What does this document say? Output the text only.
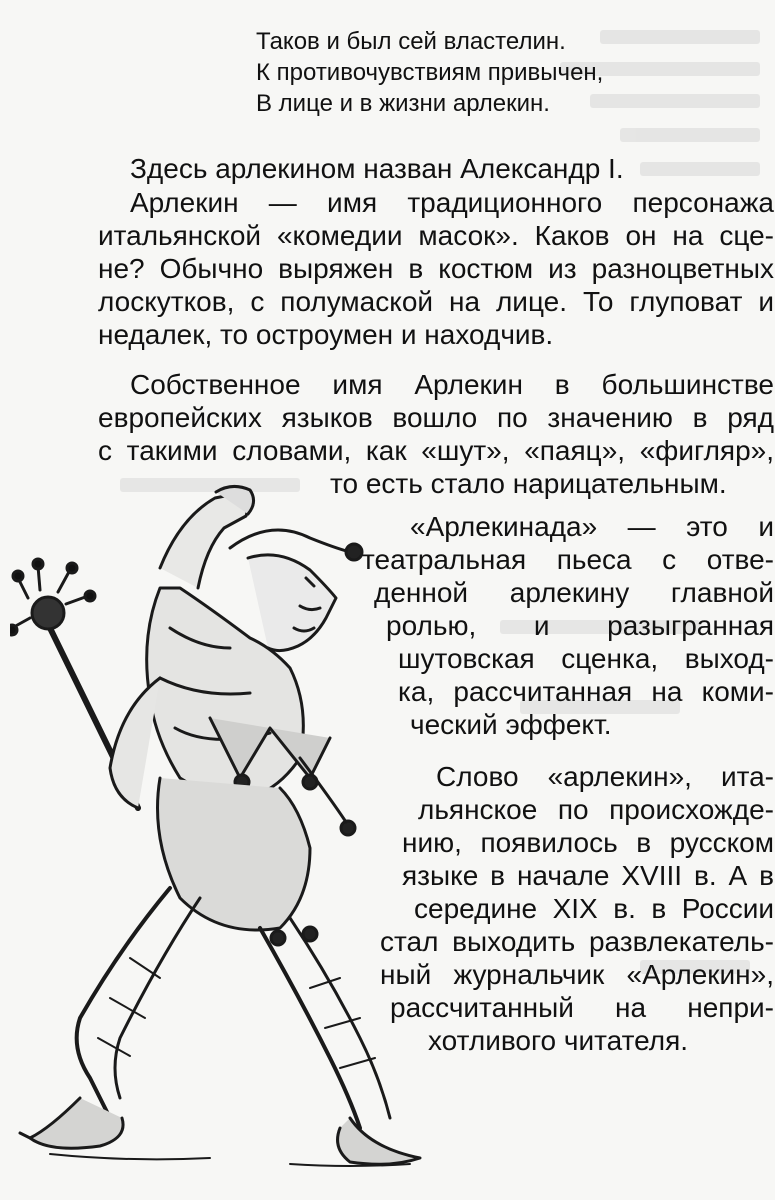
Таков и был сей властелин.
К противочувствиям привычен,
В лице и в жизни арлекин.
Здесь арлекином назван Александр I.
Арлекин — имя традиционного персонажа
итальянской «комедии масок». Каков он на сце-
не? Обычно выряжен в костюм из разноцветных
лоскутков, с полумаской на лице. То глуповат и
недалек, то остроумен и находчив.
Собственное имя Арлекин в большинстве
европейских языков вошло по значению в ряд
с такими словами, как «шут», «паяц», «фигляр»,
то есть стало нарицательным.
«Арлекинада» — это и
театральная пьеса с отве-
денной арлекину главной
ролью, и разыгранная
шутовская сценка, выход-
ка, рассчитанная на коми-
ческий эффект.
Слово «арлекин», ита-
льянское по происхожде-
нию, появилось в русском
языке в начале XVIII в. А в
середине XIX в. в России
стал выходить развлекатель-
ный журнальчик «Арлекин»,
рассчитанный на непри-
хотливого читателя.
